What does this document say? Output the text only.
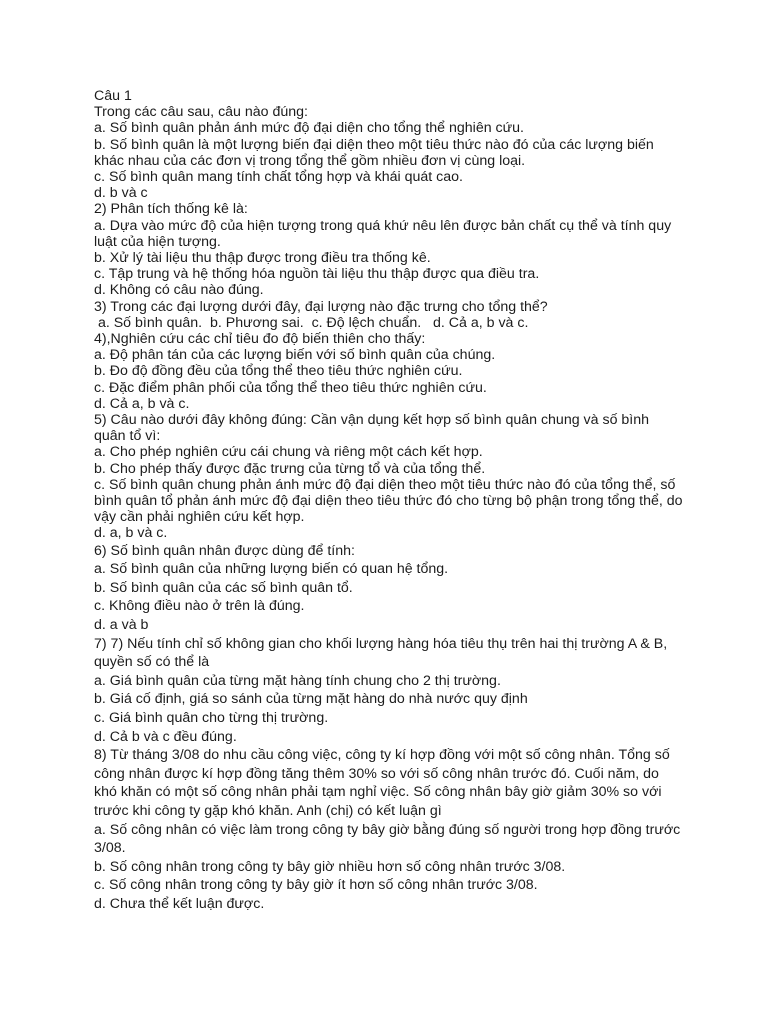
Câu 1
Trong các câu sau, câu nào đúng:
a. Số bình quân phản ánh mức độ đại diện cho tổng thể nghiên cứu.
b. Số bình quân là một lượng biến đại diện theo một tiêu thức nào đó của các lượng biến khác nhau của các đơn vị trong tổng thể gồm nhiều đơn vị cùng loại.
c. Số bình quân mang tính chất tổng hợp và khái quát cao.
d. b và c
2) Phân tích thống kê là:
a. Dựa vào mức độ của hiện tượng trong quá khứ nêu lên được bản chất cụ thể và tính quy luật của hiện tượng.
b. Xử lý tài liệu thu thập được trong điều tra thống kê.
c. Tập trung và hệ thống hóa nguồn tài liệu thu thập được qua điều tra.
d. Không có câu nào đúng.
3) Trong các đại lượng dưới đây, đại lượng nào đặc trưng cho tổng thể?
a. Số bình quân.  b. Phương sai.  c. Độ lệch chuẩn.   d. Cả a, b và c.
4),Nghiên cứu các chỉ tiêu đo độ biến thiên cho thấy:
a. Độ phân tán của các lượng biến với số bình quân của chúng.
b. Đo độ đồng đều của tổng thể theo tiêu thức nghiên cứu.
c. Đặc điểm phân phối của tổng thể theo tiêu thức nghiên cứu.
d. Cả a, b và c.
5) Câu nào dưới đây không đúng: Cần vận dụng kết hợp số bình quân chung và số bình quân tổ vì:
a. Cho phép nghiên cứu cái chung và riêng một cách kết hợp.
b. Cho phép thấy được đặc trưng của từng tổ và của tổng thể.
c. Số bình quân chung phản ánh mức độ đại diện theo một tiêu thức nào đó của tổng thể, số bình quân tổ phản ánh mức độ đại diện theo tiêu thức đó cho từng bộ phận trong tổng thể, do vậy cần phải nghiên cứu kết hợp.
d. a, b và c.
6) Số bình quân nhân được dùng để tính:
a. Số bình quân của những lượng biến có quan hệ tổng.
b. Số bình quân của các số bình quân tổ.
c. Không điều nào ở trên là đúng.
d. a và b
7) 7) Nếu tính chỉ số không gian cho khối lượng hàng hóa tiêu thụ trên hai thị trường A & B, quyền số có thể là
a. Giá bình quân của từng mặt hàng tính chung cho 2 thị trường.
b. Giá cố định, giá so sánh của từng mặt hàng do nhà nước quy định
c. Giá bình quân cho từng thị trường.
d. Cả b và c đều đúng.
8) Từ tháng 3/08 do nhu cầu công việc, công ty kí hợp đồng với một số công nhân. Tổng số công nhân được kí hợp đồng tăng thêm 30% so với số công nhân trước đó. Cuối năm, do khó khăn có một số công nhân phải tạm nghỉ việc. Số công nhân bây giờ giảm 30% so với trước khi công ty gặp khó khăn. Anh (chị) có kết luận gì
a. Số công nhân có việc làm trong công ty bây giờ bằng đúng số người trong hợp đồng trước 3/08.
b. Số công nhân trong công ty bây giờ nhiều hơn số công nhân trước 3/08.
c. Số công nhân trong công ty bây giờ ít hơn số công nhân trước 3/08.
d. Chưa thể kết luận được.
